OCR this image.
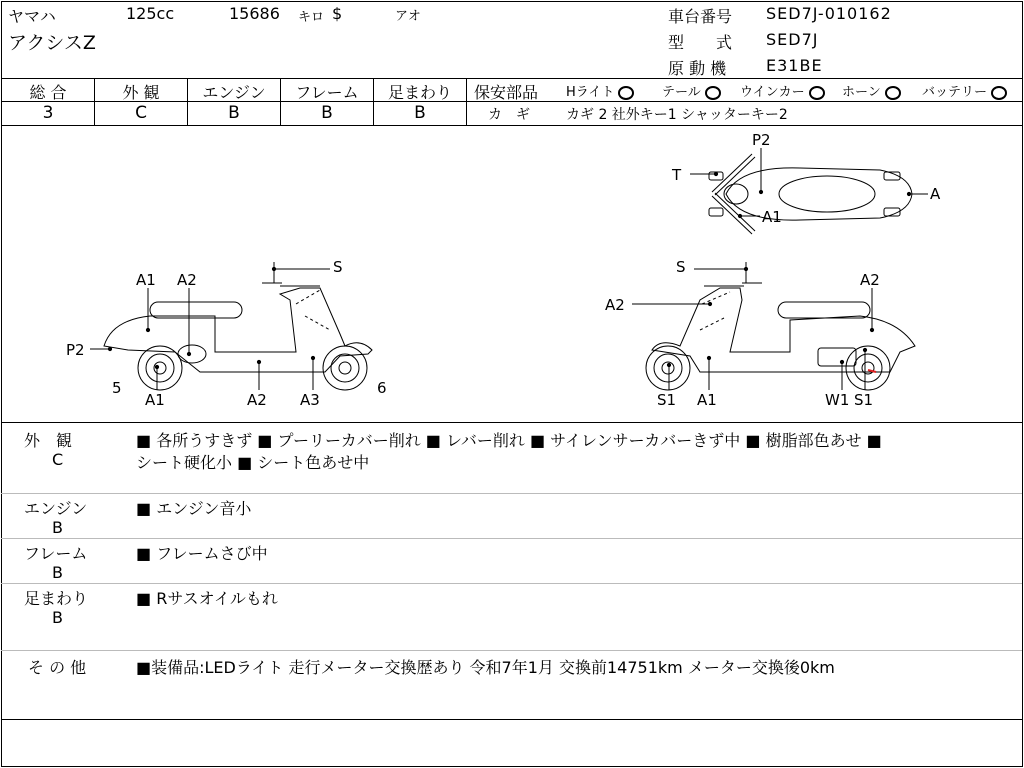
ヤマハ	125cc	15686 キロ $	アオ
アクシスZ
車台番号 SED7J-010162
型　　式 SED7J
原 動 機 E31BE
総 合	外 観	エンジン	フレーム	足まわり
3	C	B	B	B
保安部品 Hライト	テール	ウインカー	ホーン	バッテリー
カ　ギ	カギ 2 社外キー1 シャッターキー2
P2
T
A
A1
A1 A2
S
P2
5
A1	A2 A3
6
S
A2
A2
S1 A1	W1 S1
外　観
C
■ 各所うすきず ■ プーリーカバー削れ ■ レバー削れ ■ サイレンサーカバーきず中 ■ 樹脂部色あせ ■
シート硬化小 ■ シート色あせ中
エンジン
B
■ エンジン音小
フレーム
B
■ フレームさび中
足まわり
B
■ Rサスオイルもれ
そ の 他	■装備品:LEDライト 走行メーター交換歴あり 令和7年1月 交換前14751km メーター交換後0km
